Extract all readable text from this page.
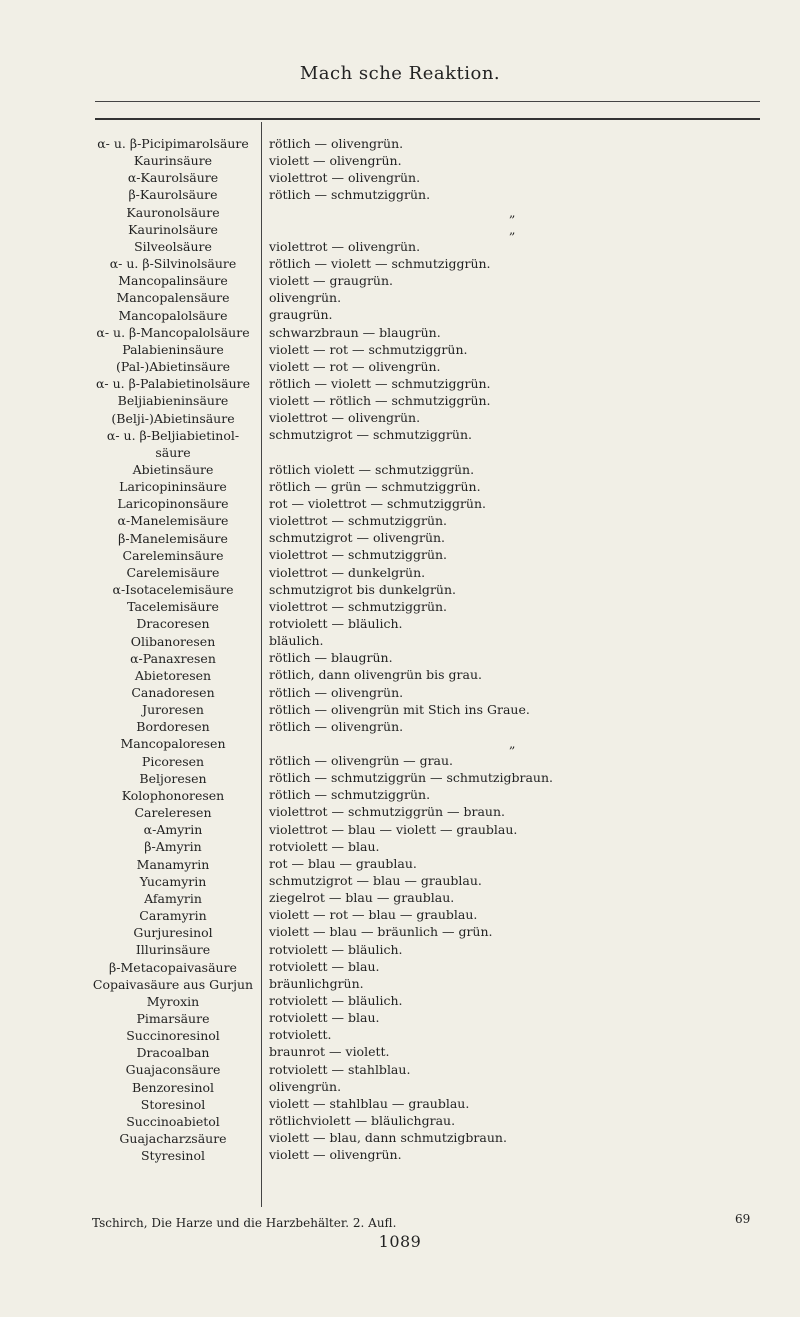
Mach sche Reaktion.
α- u. β-Picipimarolsäure
Kaurinsäure
α-Kaurolsäure
β-Kaurolsäure
Kauronolsäure
Kaurinolsäure
Silveolsäure
α- u. β-Silvinolsäure
Mancopalinsäure
Mancopalensäure
Mancopalolsäure
α- u. β-Mancopalolsäure
Palabieninsäure
(Pal-)Abietinsäure
α- u. β-Palabietinolsäure
Beljiabieninsäure
(Belji-)Abietinsäure
α- u. β-Beljiabietinol-
säure
Abietinsäure
Laricopininsäure
Laricopinonsäure
α-Manelemisäure
β-Manelemisäure
Carelеminsäure
Carelemisäure
α-Isotacelemisäure
Tacelemisäure
Dracoresen
Olibanoresen
α-Panaxresen
Abietoresen
Canadoresen
Juroresen
Bordoresen
Mancopaloresen
Picoresen
Beljoresen
Kolophonoresen
Careleresen
α-Amyrin
β-Amyrin
Manamyrin
Yucamyrin
Afamyrin
Caramyrin
Gurjuresinol
Illurinsäure
β-Metacopaivasäure
Copaivasäure aus Gurjun
Myroxin
Pimarsäure
Succinoresinol
Dracoalban
Guajaconsäure
Benzoresinol
Storesinol
Succinoabietol
Guajacharzsäure
Styresinol
rötlich — olivengrün.
violett — olivengrün.
violettrot — olivengrün.
rötlich — schmutziggrün.
„
„
violettrot — olivengrün.
rötlich — violett — schmutziggrün.
violett — graugrün.
olivengrün.
graugrün.
schwarzbraun — blaugrün.
violett — rot — schmutziggrün.
violett — rot — olivengrün.
rötlich — violett — schmutziggrün.
violett — rötlich — schmutziggrün.
violettrot — olivengrün.
schmutzigrot — schmutziggrün.
rötlich violett — schmutziggrün.
rötlich — grün — schmutziggrün.
rot — violettrot — schmutziggrün.
violettrot — schmutziggrün.
schmutzigrot — olivengrün.
violettrot — schmutziggrün.
violettrot — dunkelgrün.
schmutzigrot bis dunkelgrün.
violettrot — schmutziggrün.
rotviolett — bläulich.
bläulich.
rötlich — blaugrün.
rötlich, dann olivengrün bis grau.
rötlich — olivengrün.
rötlich — olivengrün mit Stich ins Graue.
rötlich — olivengrün.
„
rötlich — olivengrün — grau.
rötlich — schmutziggrün — schmutzigbraun.
rötlich — schmutziggrün.
violettrot — schmutziggrün — braun.
violettrot — blau — violett — graublau.
rotviolett — blau.
rot — blau — graublau.
schmutzigrot — blau — graublau.
ziegelrot — blau — graublau.
violett — rot — blau — graublau.
violett — blau — bräunlich — grün.
rotviolett — bläulich.
rotviolett — blau.
bräunlichgrün.
rotviolett — bläulich.
rotviolett — blau.
rotviolett.
braunrot — violett.
rotviolett — stahlblau.
olivengrün.
violett — stahlblau — graublau.
rötlichviolett — bläulichgrau.
violett — blau, dann schmutzigbraun.
violett — olivengrün.
Tschirch, Die Harze und die Harzbehälter. 2. Aufl.	69
1089
